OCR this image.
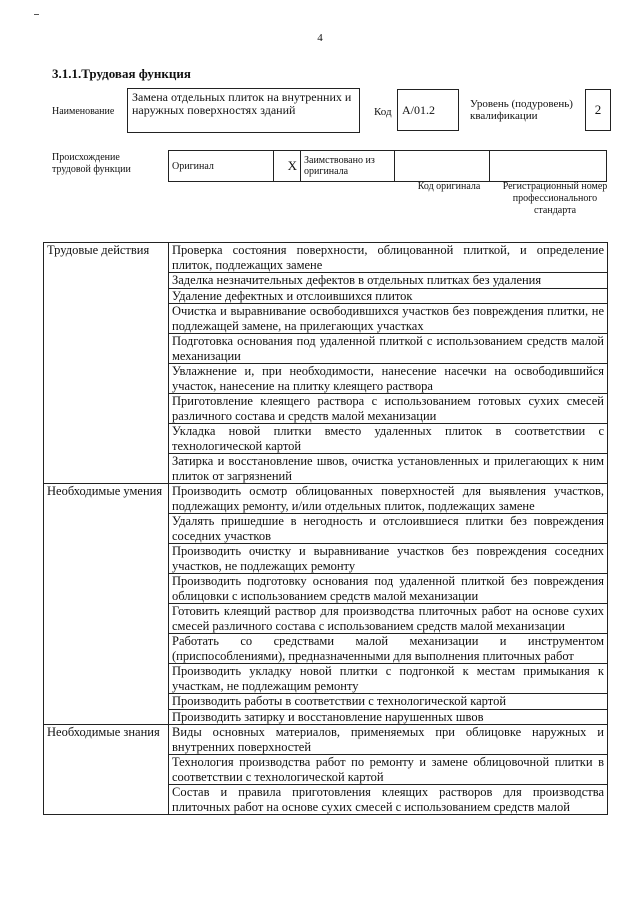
4
3.1.1.Трудовая функция
Наименование
Замена отдельных плиток на внутренних и наружных поверхностях зданий	Код А/01.2	Уровень (подуровень) квалификации	2
Происхождение трудовой функции	Оригинал	X	Заимствовано из оригинала		
Код оригинала	Регистрационный номер профессионального стандарта
Трудовые действия	Проверка состояния поверхности, облицованной плиткой, и определение плиток, подлежащих замене
	Заделка незначительных дефектов в отдельных плитках без удаления
	Удаление дефектных и отслоившихся плиток
	Очистка и выравнивание освободившихся участков без повреждения плитки, не подлежащей замене, на прилегающих участках
	Подготовка основания под удаленной плиткой с использованием средств малой механизации
	Увлажнение и, при необходимости, нанесение насечки на освободившийся участок, нанесение на плитку клеящего раствора
	Приготовление клеящего раствора с использованием готовых сухих смесей различного состава и средств малой механизации
	Укладка новой плитки вместо удаленных плиток в соответствии с технологической картой
	Затирка и восстановление швов, очистка установленных и прилегающих к ним плиток от загрязнений
Необходимые умения	Производить осмотр облицованных поверхностей для выявления участков, подлежащих ремонту, и/или отдельных плиток, подлежащих замене
	Удалять пришедшие в негодность и отслоившиеся плитки без повреждения соседних участков
	Производить очистку и выравнивание участков без повреждения соседних участков, не подлежащих ремонту
	Производить подготовку основания под удаленной плиткой без повреждения облицовки с использованием средств малой механизации
	Готовить клеящий раствор для производства плиточных работ на основе сухих смесей различного состава с использованием средств малой механизации
	Работать со средствами малой механизации и инструментом (приспособлениями), предназначенными для выполнения плиточных работ
	Производить укладку новой плитки с подгонкой к местам примыкания к участкам, не подлежащим ремонту
	Производить работы в соответствии с технологической картой
	Производить затирку и восстановление нарушенных швов
Необходимые знания	Виды основных материалов, применяемых при облицовке наружных и внутренних поверхностей
	Технология производства работ по ремонту и замене облицовочной плитки в соответствии с технологической картой
	Состав и правила приготовления клеящих растворов для производства плиточных работ на основе сухих смесей с использованием средств малой
